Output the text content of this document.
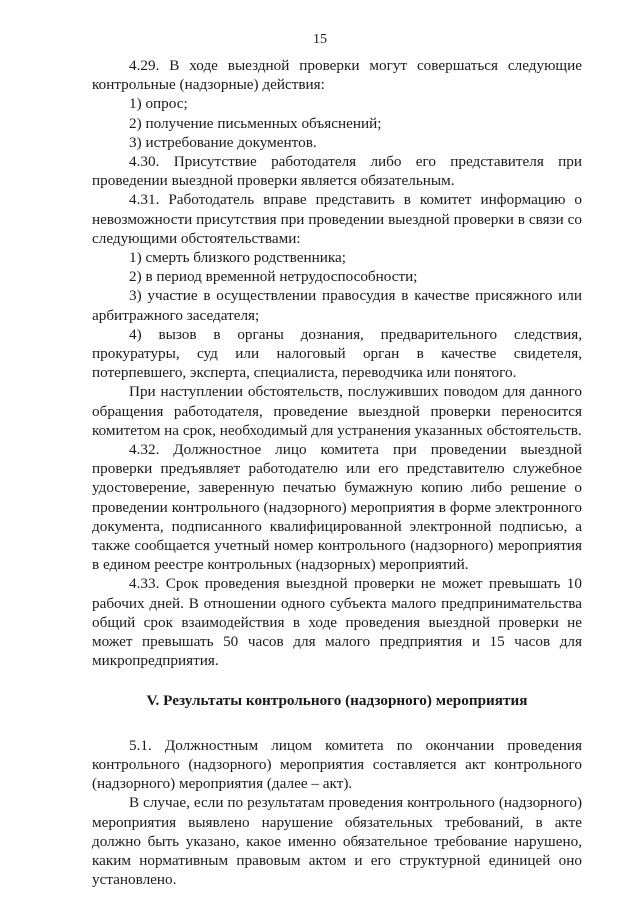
15

4.29. В ходе выездной проверки могут совершаться следующие контрольные (надзорные) действия:

1) опрос;

2) получение письменных объяснений;

3) истребование документов.

4.30. Присутствие работодателя либо его представителя при проведении выездной проверки является обязательным.

4.31. Работодатель вправе представить в комитет информацию о невозможности присутствия при проведении выездной проверки в связи со следующими обстоятельствами:

1) смерть близкого родственника;

2) в период временной нетрудоспособности;

3) участие в осуществлении правосудия в качестве присяжного или арбитражного заседателя;

4) вызов в органы дознания, предварительного следствия, прокуратуры, суд или налоговый орган в качестве свидетеля, потерпевшего, эксперта, специалиста, переводчика или понятого.

При наступлении обстоятельств, послуживших поводом для данного обращения работодателя, проведение выездной проверки переносится комитетом на срок, необходимый для устранения указанных обстоятельств.

4.32. Должностное лицо комитета при проведении выездной проверки предъявляет работодателю или его представителю служебное удостоверение, заверенную печатью бумажную копию либо решение о проведении контрольного (надзорного) мероприятия в форме электронного документа, подписанного квалифицированной электронной подписью, а также сообщается учетный номер контрольного (надзорного) мероприятия в едином реестре контрольных (надзорных) мероприятий.

4.33. Срок проведения выездной проверки не может превышать 10 рабочих дней. В отношении одного субъекта малого предпринимательства общий срок взаимодействия в ходе проведения выездной проверки не может превышать 50 часов для малого предприятия и 15 часов для микропредприятия.

V. Результаты контрольного (надзорного) мероприятия

5.1. Должностным лицом комитета по окончании проведения контрольного (надзорного) мероприятия составляется акт контрольного (надзорного) мероприятия (далее – акт).

В случае, если по результатам проведения контрольного (надзорного) мероприятия выявлено нарушение обязательных требований, в акте должно быть указано, какое именно обязательное требование нарушено, каким нормативным правовым актом и его структурной единицей оно установлено.
